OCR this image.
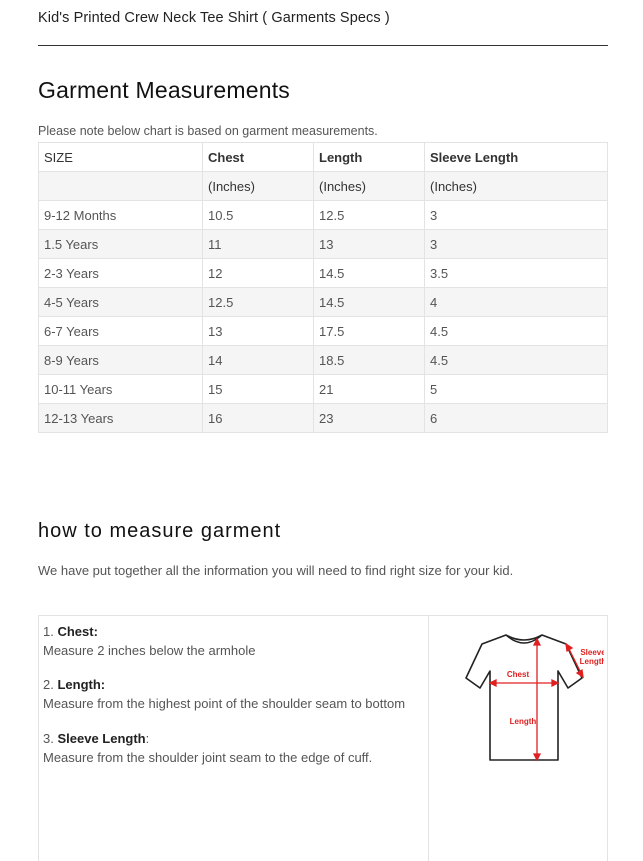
Kid's Printed Crew Neck Tee Shirt ( Garments Specs )
Garment Measurements
Please note below chart is based on garment measurements.
SIZE	Chest	Length	Sleeve Length
	(Inches)	(Inches)	(Inches)
9-12 Months	10.5	12.5	3
1.5 Years	11	13	3
2-3 Years	12	14.5	3.5
4-5 Years	12.5	14.5	4
6-7 Years	13	17.5	4.5
8-9 Years	14	18.5	4.5
10-11 Years	15	21	5
12-13 Years	16	23	6
how to measure garment
We have put together all the information you will need to find right size for your kid.
1. Chest:
Measure 2 inches below the armhole
2. Length:
Measure from the highest point of the shoulder seam to bottom
3. Sleeve Length:
Measure from the shoulder joint seam to the edge of cuff.
Chest
Length
Sleeve
Length
